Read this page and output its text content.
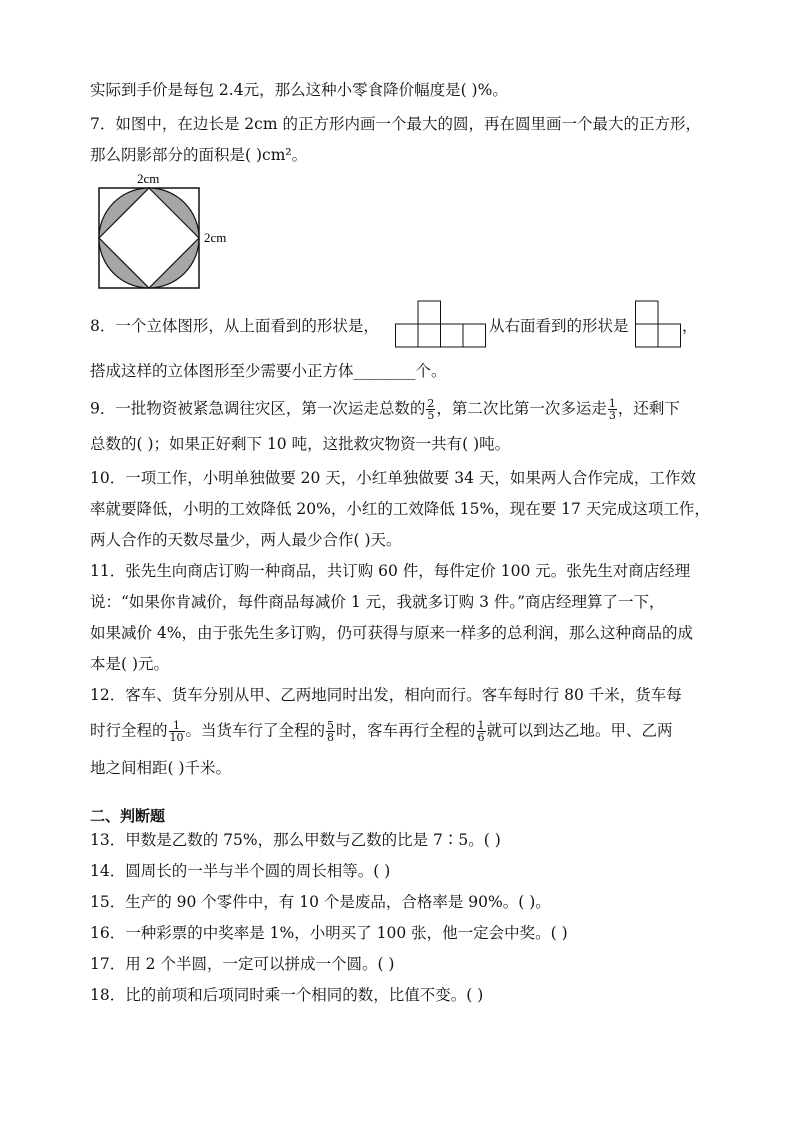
实际到手价是每包 2.4元，那么这种小零食降价幅度是( )%。
7．如图中，在边长是 2cm 的正方形内画一个最大的圆，再在圆里画一个最大的正方形，
那么阴影部分的面积是( )cm²。
2cm
2cm
8．一个立体图形，从上面看到的形状是，	从右面看到的形状是	，
搭成这样的立体图形至少需要小正方体________个。
9．一批物资被紧急调往灾区，第一次运走总数的 $\frac{2}{5}$ ，第二次比第一次多运走 $\frac{1}{3}$ ，还剩下
总数的( )；如果正好剩下 10 吨，这批救灾物资一共有( )吨。
10．一项工作，小明单独做要 20 天，小红单独做要 34 天，如果两人合作完成，工作效
率就要降低，小明的工效降低 20%，小红的工效降低 15%，现在要 17 天完成这项工作，
两人合作的天数尽量少，两人最少合作( )天。
11．张先生向商店订购一种商品，共订购 60 件，每件定价 100 元。张先生对商店经理
说：“如果你肯减价，每件商品每减价 1 元，我就多订购 3 件。”商店经理算了一下，
如果减价 4%，由于张先生多订购，仍可获得与原来一样多的总利润，那么这种商品的成
本是( )元。
12．客车、货车分别从甲、乙两地同时出发，相向而行。客车每时行 80 千米，货车每
时行全程的 $\frac{1}{10}$ 。当货车行了全程的 $\frac{5}{8}$ 时，客车再行全程的 $\frac{1}{6}$ 就可以到达乙地。甲、乙两
地之间相距( )千米。
二、判断题
13．甲数是乙数的 75%，那么甲数与乙数的比是 7∶5。( )
14．圆周长的一半与半个圆的周长相等。( )
15．生产的 90 个零件中，有 10 个是废品，合格率是 90%。( )。
16．一种彩票的中奖率是 1%，小明买了 100 张，他一定会中奖。( )
17．用 2 个半圆，一定可以拼成一个圆。( )
18．比的前项和后项同时乘一个相同的数，比值不变。( )
